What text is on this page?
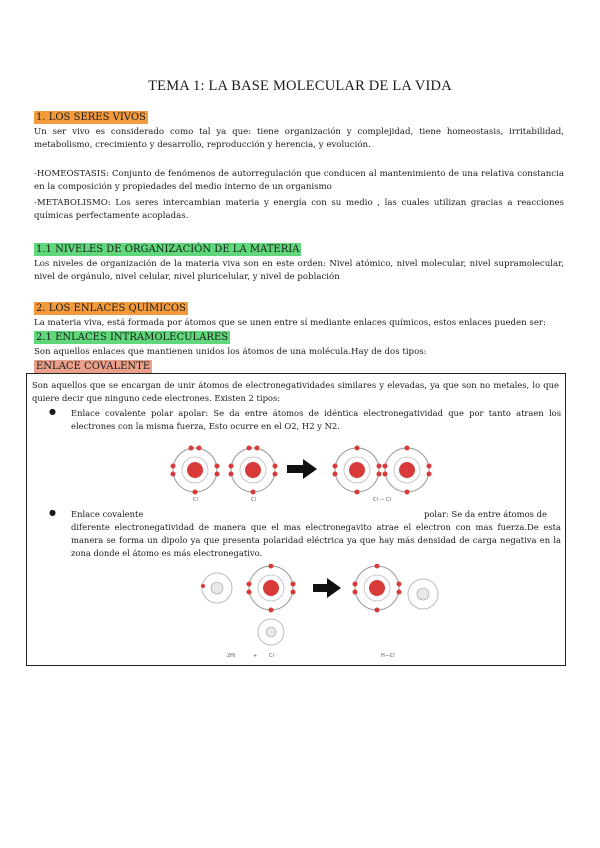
TEMA 1: LA BASE MOLECULAR DE LA VIDA
1. LOS SERES VIVOS
Un ser vivo es considerado como tal ya que: tiene organización y complejidad, tiene homeostasis, irritabilidad, metabolismo, crecimiento y desarrollo, reproducción y herencia, y evolución.
-HOMEOSTASIS: Conjunto de fenómenos de autorregulación que conducen al mantenimiento de una relativa constancia en la composición y propiedades del medio interno de un organismo
-METABOLISMO: Los seres intercambian materia y energía con su medio , las cuales utilizan gracias a reacciones químicas perfectamente acopladas.
1.1 NIVELES DE ORGANIZACIÓN DE LA MATERIA
Los niveles de organización de la materia viva son en este orden: Nivel atómico, nivel molecular, nivel supramolecular, nivel de orgánulo, nivel celular, nivel pluricelular, y nivel de población
2. LOS ENLACES QUÍMICOS
La materia viva, está formada por átomos que se unen entre sí mediante enlaces químicos, estos enlaces pueden ser:
2.1 ENLACES INTRAMOLECULARES
Son aquellos enlaces que mantienen unidos los átomos de una molécula.Hay de dos tipos:
ENLACE COVALENTE
Son aquellos que se encargan de unir átomos de electronegatividades similares y elevadas, ya que son no metales, lo que quiere decir que ninguno cede electrones. Existen 2 tipos:
● Enlace covalente polar apolar: Se da entre átomos de idéntica electronegatividad que por tanto atraen los electrones con la misma fuerza, Esto ocurre en el O2, H2 y N2.
Cl	Cl	Cl — Cl
● Enlace covalente	polar: Se da entre átomos de
diferente electronegatividad de manera que el mas electronegavito atrae el electron con mas fuerza.De esta manera se forma un dipolo ya que presenta polaridad eléctrica ya que hay más densidad de carga negativa en la zona donde el átomo es más electronegativo.
2Hi	+ Cl	H—Cl
